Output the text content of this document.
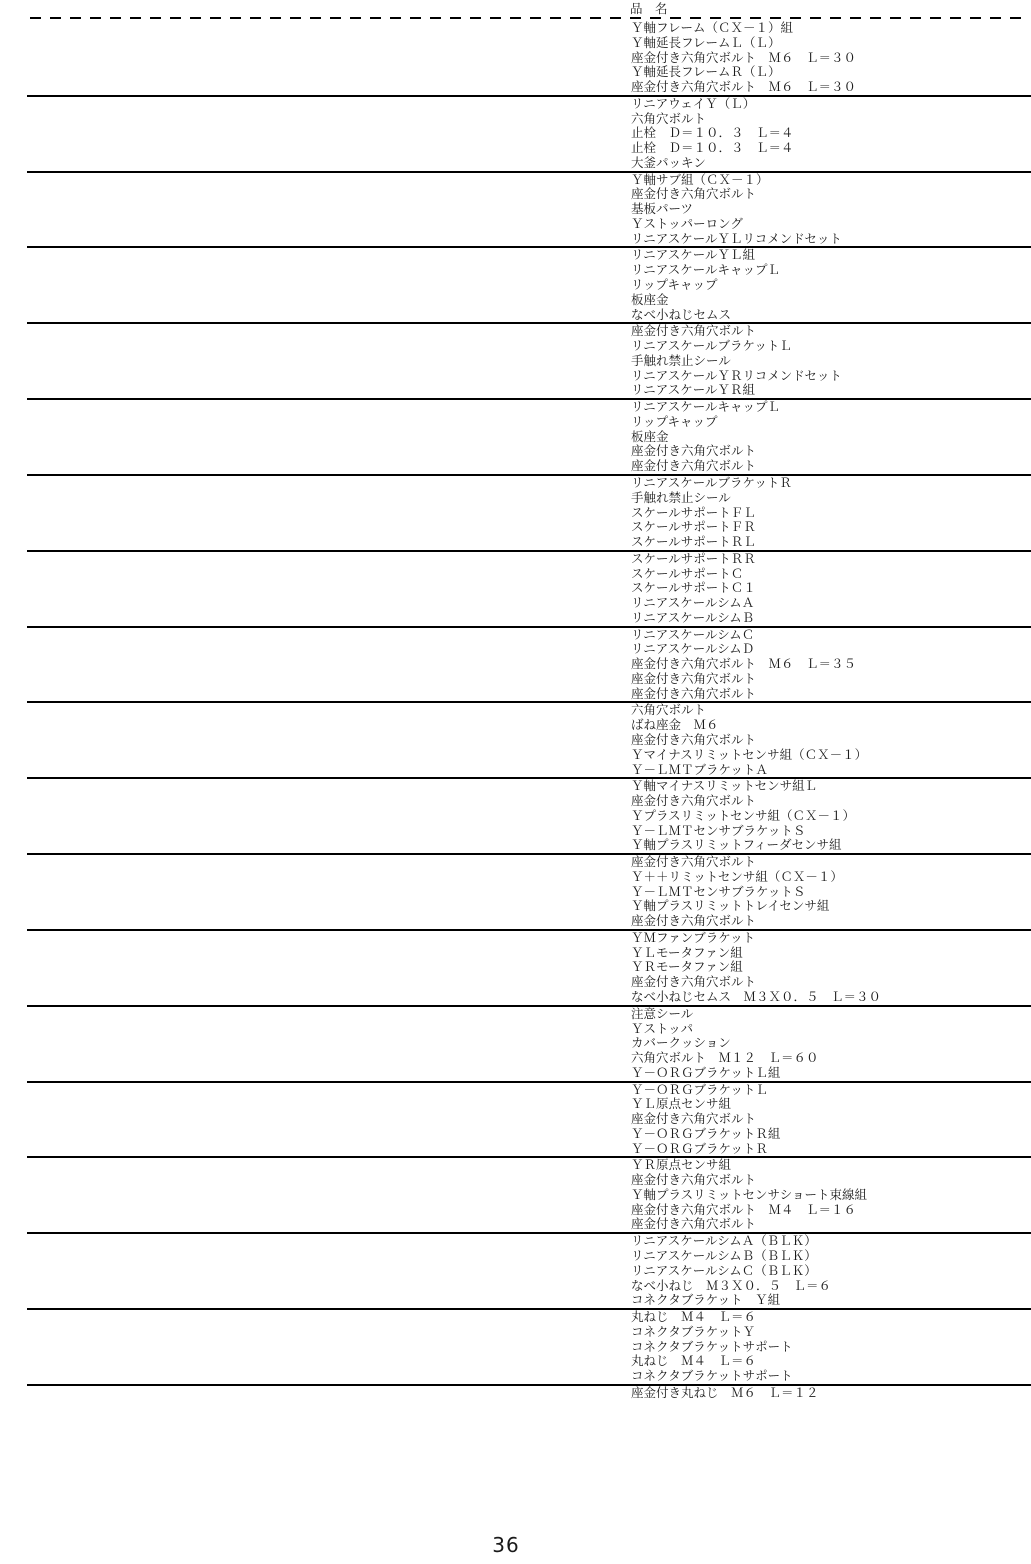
品　名
Ｙ軸フレーム（ＣＸ－１）組
Ｙ軸延長フレームＬ（Ｌ）
座金付き六角穴ボルト　Ｍ６　Ｌ＝３０
Ｙ軸延長フレームＲ（Ｌ）
座金付き六角穴ボルト　Ｍ６　Ｌ＝３０
リニアウェイＹ（Ｌ）
六角穴ボルト
止栓　Ｄ＝１０．３　Ｌ＝４
止栓　Ｄ＝１０．３　Ｌ＝４
大釜パッキン
Ｙ軸サブ組（ＣＸ－１）
座金付き六角穴ボルト
基板パーツ
Ｙストッパーロング
リニアスケールＹＬリコメンドセット
リニアスケールＹＬ組
リニアスケールキャップＬ
リップキャップ
板座金
なべ小ねじセムス
座金付き六角穴ボルト
リニアスケールブラケットＬ
手触れ禁止シール
リニアスケールＹＲリコメンドセット
リニアスケールＹＲ組
リニアスケールキャップＬ
リップキャップ
板座金
座金付き六角穴ボルト
座金付き六角穴ボルト
リニアスケールブラケットＲ
手触れ禁止シール
スケールサポートＦＬ
スケールサポートＦＲ
スケールサポートＲＬ
スケールサポートＲＲ
スケールサポートＣ
スケールサポートＣ１
リニアスケールシムＡ
リニアスケールシムＢ
リニアスケールシムＣ
リニアスケールシムＤ
座金付き六角穴ボルト　Ｍ６　Ｌ＝３５
座金付き六角穴ボルト
座金付き六角穴ボルト
六角穴ボルト
ばね座金　Ｍ６
座金付き六角穴ボルト
Ｙマイナスリミットセンサ組（ＣＸ－１）
Ｙ－ＬＭＴブラケットＡ
Ｙ軸マイナスリミットセンサ組Ｌ
座金付き六角穴ボルト
Ｙプラスリミットセンサ組（ＣＸ－１）
Ｙ－ＬＭＴセンサブラケットＳ
Ｙ軸プラスリミットフィーダセンサ組
座金付き六角穴ボルト
Ｙ＋＋リミットセンサ組（ＣＸ－１）
Ｙ－ＬＭＴセンサブラケットＳ
Ｙ軸プラスリミットトレイセンサ組
座金付き六角穴ボルト
ＹＭファンブラケット
ＹＬモータファン組
ＹＲモータファン組
座金付き六角穴ボルト
なべ小ねじセムス　Ｍ３Ｘ０．５　Ｌ＝３０
注意シール
Ｙストッパ
カバークッション
六角穴ボルト　Ｍ１２　Ｌ＝６０
Ｙ－ＯＲＧブラケットＬ組
Ｙ－ＯＲＧブラケットＬ
ＹＬ原点センサ組
座金付き六角穴ボルト
Ｙ－ＯＲＧブラケットＲ組
Ｙ－ＯＲＧブラケットＲ
ＹＲ原点センサ組
座金付き六角穴ボルト
Ｙ軸プラスリミットセンサショート束線組
座金付き六角穴ボルト　Ｍ４　Ｌ＝１６
座金付き六角穴ボルト
リニアスケールシムＡ（ＢＬＫ）
リニアスケールシムＢ（ＢＬＫ）
リニアスケールシムＣ（ＢＬＫ）
なべ小ねじ　Ｍ３Ｘ０．５　Ｌ＝６
コネクタブラケット　Ｙ組
丸ねじ　Ｍ４　Ｌ＝６
コネクタブラケットＹ
コネクタブラケットサポート
丸ねじ　Ｍ４　Ｌ＝６
コネクタブラケットサポート
座金付き丸ねじ　Ｍ６　Ｌ＝１２
36
